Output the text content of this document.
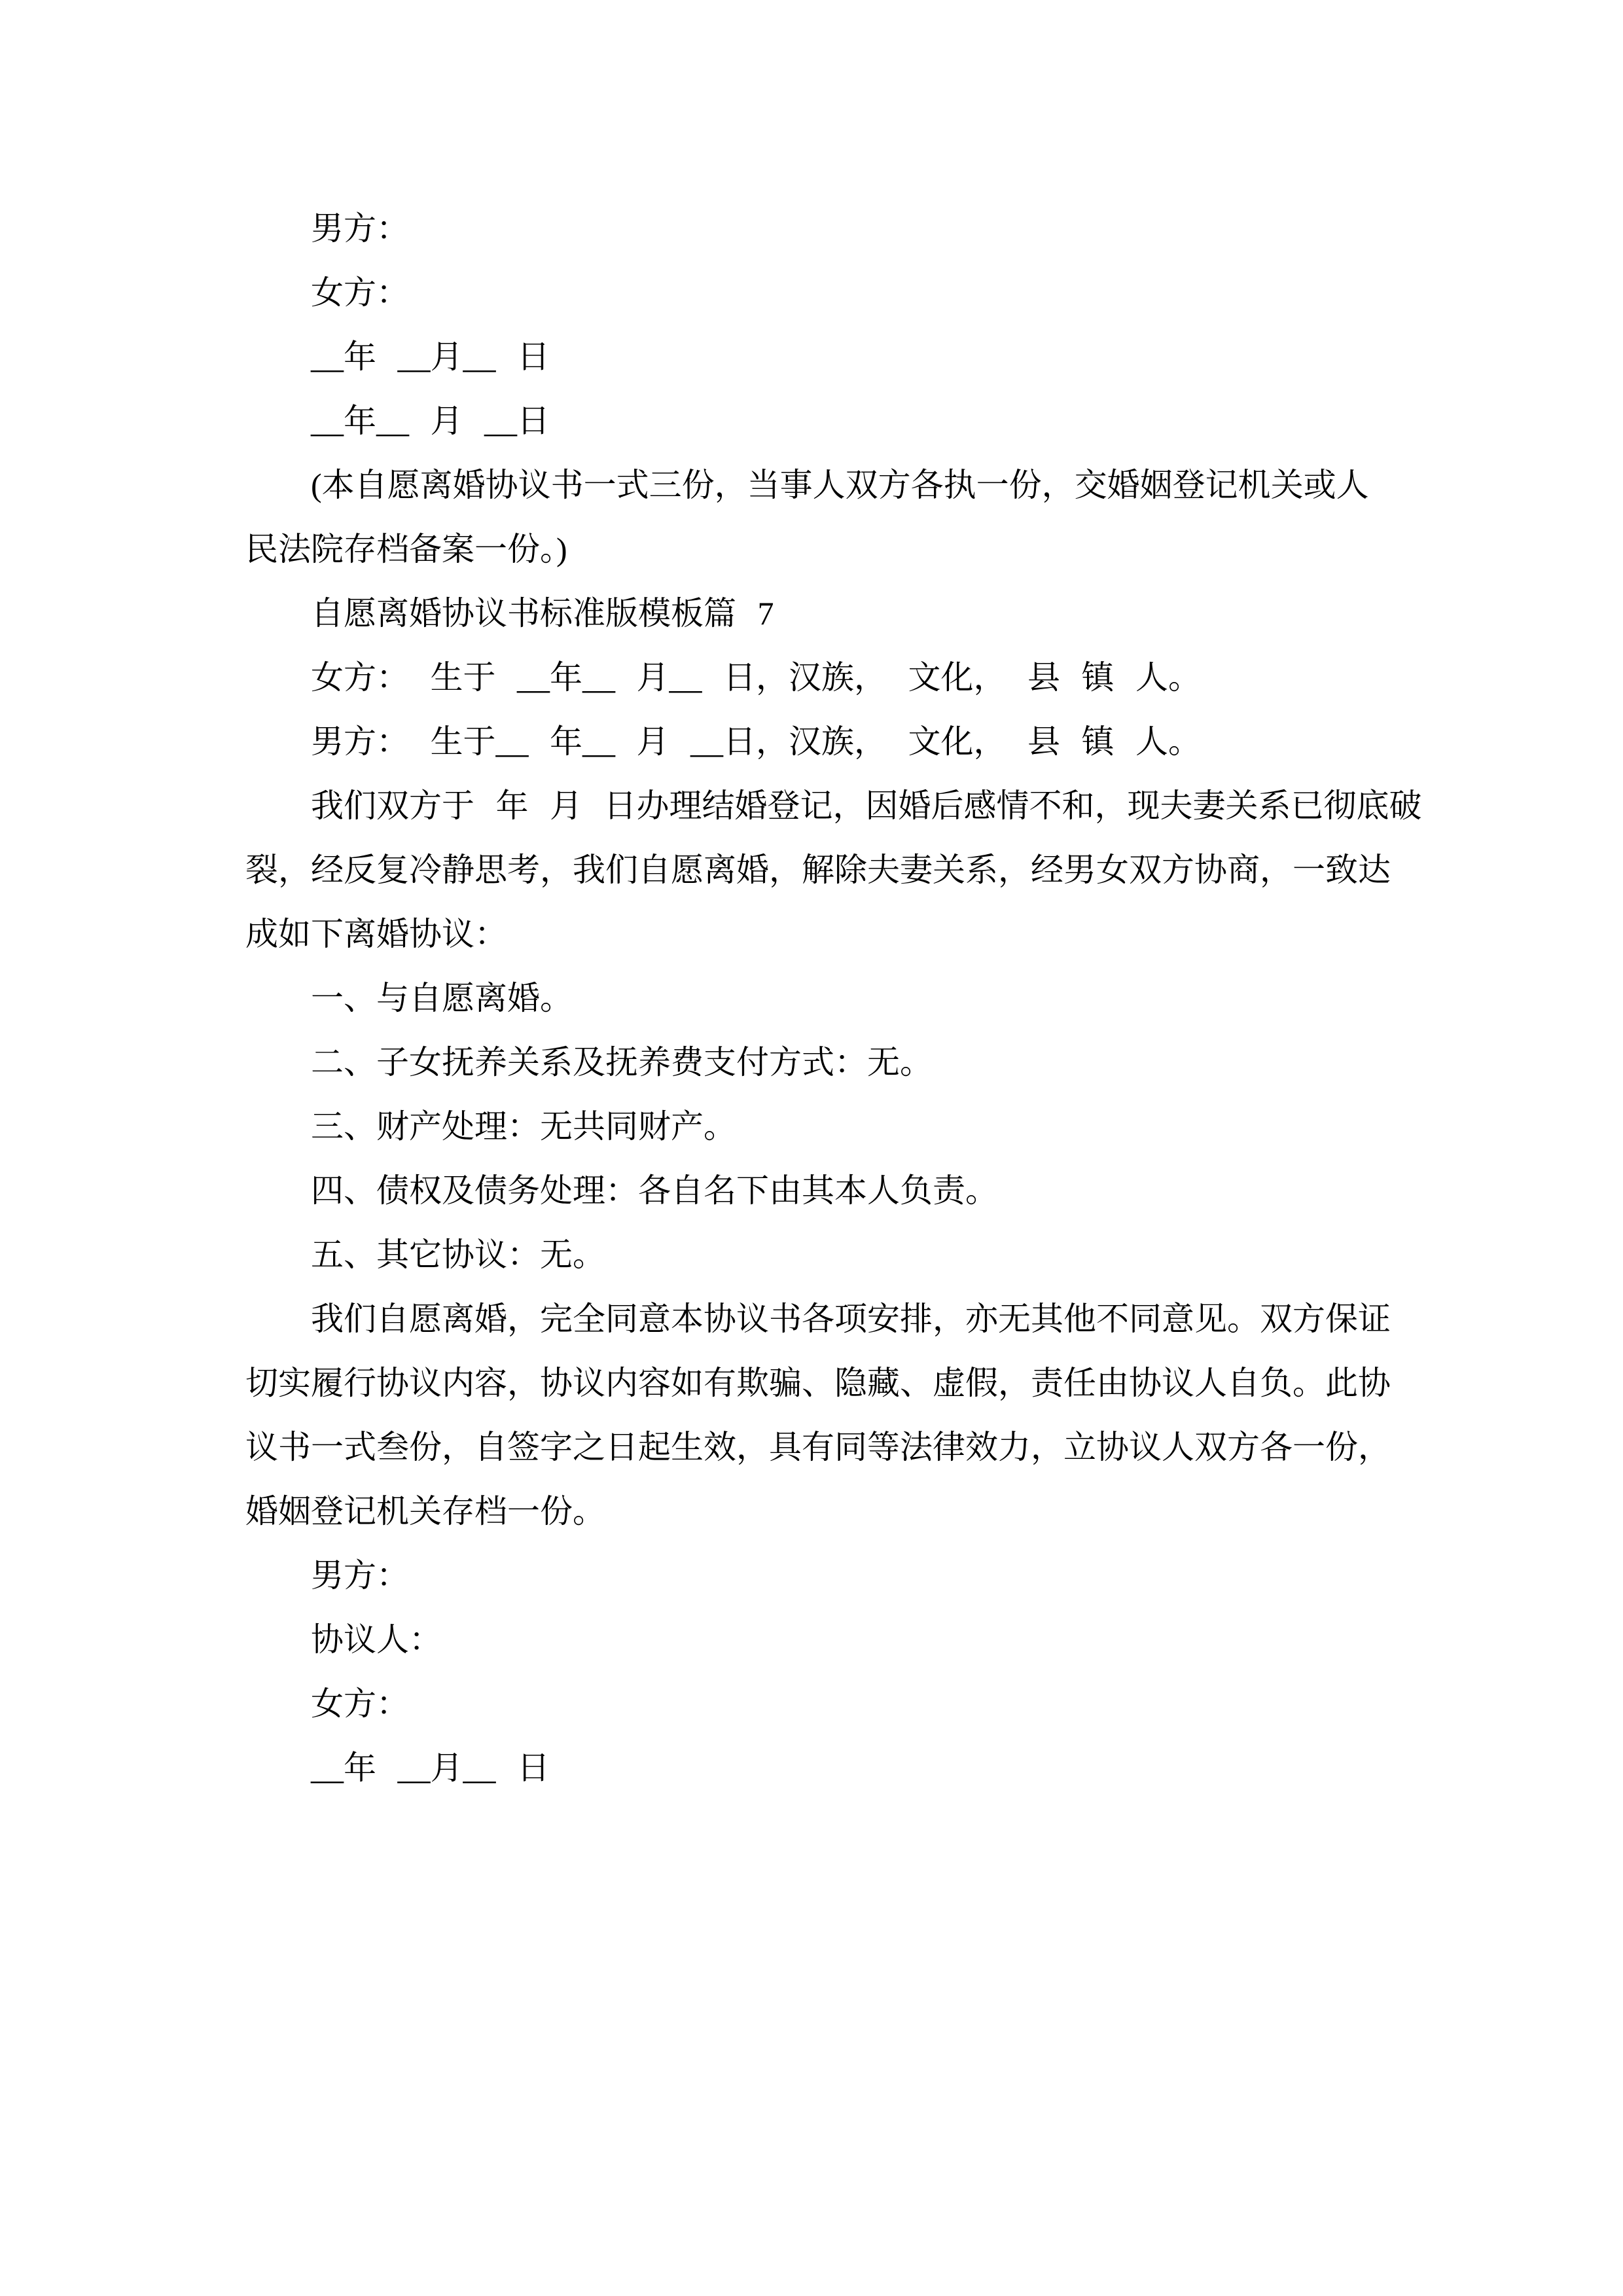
男方：
女方：
__年 __月__ 日
__年__ 月 __日
(本自愿离婚协议书一式三份，当事人双方各执一份，交婚姻登记机关或人
民法院存档备案一份。)
自愿离婚协议书标准版模板篇 7
女方： 生于 __年__ 月__ 日，汉族， 文化， 县 镇 人。
男方： 生于__ 年__ 月 __日，汉族， 文化， 县 镇 人。
我们双方于 年 月 日办理结婚登记，因婚后感情不和，现夫妻关系已彻底破
裂，经反复冷静思考，我们自愿离婚，解除夫妻关系，经男女双方协商，一致达
成如下离婚协议：
一、与自愿离婚。
二、子女抚养关系及抚养费支付方式：无。
三、财产处理：无共同财产。
四、债权及债务处理：各自名下由其本人负责。
五、其它协议：无。
我们自愿离婚，完全同意本协议书各项安排，亦无其他不同意见。双方保证
切实履行协议内容，协议内容如有欺骗、隐藏、虚假，责任由协议人自负。此协
议书一式叁份，自签字之日起生效，具有同等法律效力，立协议人双方各一份，
婚姻登记机关存档一份。
男方：
协议人：
女方：
__年 __月__ 日
